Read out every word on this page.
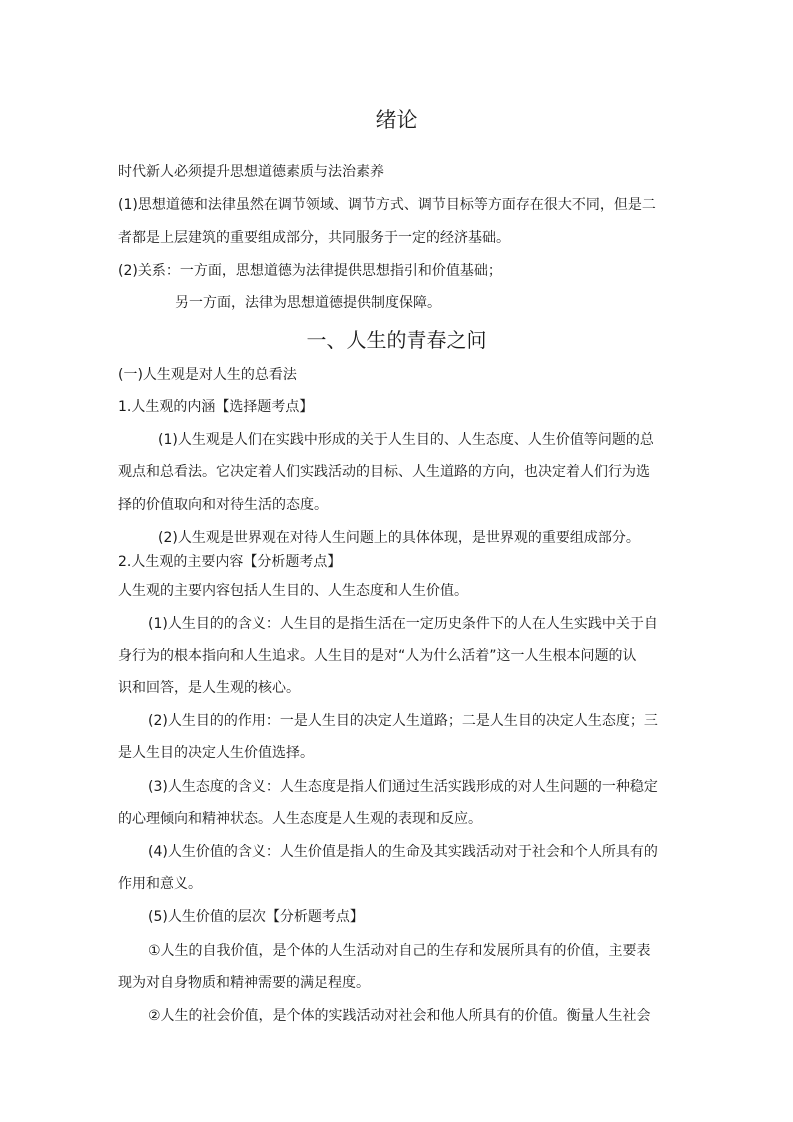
绪论
时代新人必须提升思想道德素质与法治素养
(1)思想道德和法律虽然在调节领域、调节方式、调节目标等方面存在很大不同，但是二
者都是上层建筑的重要组成部分，共同服务于一定的经济基础。
(2)关系：一方面，思想道德为法律提供思想指引和价值基础；
另一方面，法律为思想道德提供制度保障。
一、人生的青春之问
(一)人生观是对人生的总看法
1.人生观的内涵【选择题考点】
(1)人生观是人们在实践中形成的关于人生目的、人生态度、人生价值等问题的总
观点和总看法。它决定着人们实践活动的目标、人生道路的方向，也决定着人们行为选
择的价值取向和对待生活的态度。
(2)人生观是世界观在对待人生问题上的具体体现，是世界观的重要组成部分。
2.人生观的主要内容【分析题考点】
人生观的主要内容包括人生目的、人生态度和人生价值。
(1)人生目的的含义：人生目的是指生活在一定历史条件下的人在人生实践中关于自
身行为的根本指向和人生追求。人生目的是对“人为什么活着”这一人生根本问题的认
识和回答，是人生观的核心。
(2)人生目的的作用：一是人生目的决定人生道路；二是人生目的决定人生态度；三
是人生目的决定人生价值选择。
(3)人生态度的含义：人生态度是指人们通过生活实践形成的对人生问题的一种稳定
的心理倾向和精神状态。人生态度是人生观的表现和反应。
(4)人生价值的含义：人生价值是指人的生命及其实践活动对于社会和个人所具有的
作用和意义。
(5)人生价值的层次【分析题考点】
①人生的自我价值，是个体的人生活动对自己的生存和发展所具有的价值，主要表
现为对自身物质和精神需要的满足程度。
②人生的社会价值，是个体的实践活动对社会和他人所具有的价值。衡量人生社会
